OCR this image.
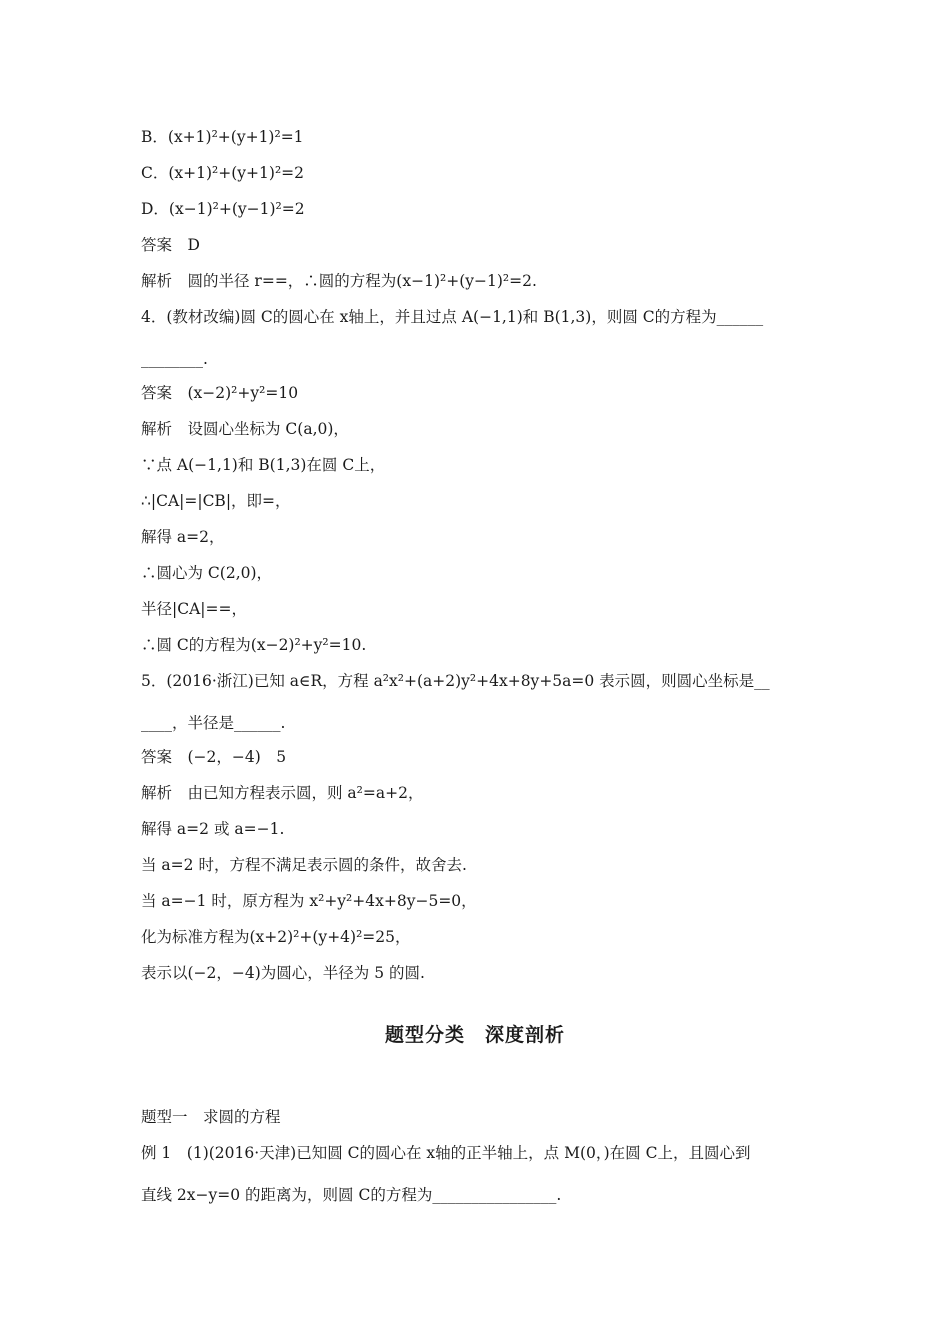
B．(x+1)²+(y+1)²=1
C．(x+1)²+(y+1)²=2
D．(x−1)²+(y−1)²=2
答案　D
解析　圆的半径 r==，∴圆的方程为(x−1)²+(y−1)²=2.
4．(教材改编)圆 C的圆心在 x轴上，并且过点 A(−1,1)和 B(1,3)，则圆 C的方程为______
________.
答案　(x−2)²+y²=10
解析　设圆心坐标为 C(a,0)，
∵点 A(−1,1)和 B(1,3)在圆 C上，
∴|CA|=|CB|，即=，
解得 a=2，
∴圆心为 C(2,0)，
半径|CA|==，
∴圆 C的方程为(x−2)²+y²=10.
5．(2016·浙江)已知 a∈R，方程 a²x²+(a+2)y²+4x+8y+5a=0 表示圆，则圆心坐标是__
____，半径是______.
答案　(−2，−4)　5
解析　由已知方程表示圆，则 a²=a+2，
解得 a=2 或 a=−1.
当 a=2 时，方程不满足表示圆的条件，故舍去.
当 a=−1 时，原方程为 x²+y²+4x+8y−5=0，
化为标准方程为(x+2)²+(y+4)²=25，
表示以(−2，−4)为圆心，半径为 5 的圆.
题型分类　深度剖析
题型一　求圆的方程
例 1　(1)(2016·天津)已知圆 C的圆心在 x轴的正半轴上，点 M(0，)在圆 C上，且圆心到
直线 2x−y=0 的距离为，则圆 C的方程为________________.
